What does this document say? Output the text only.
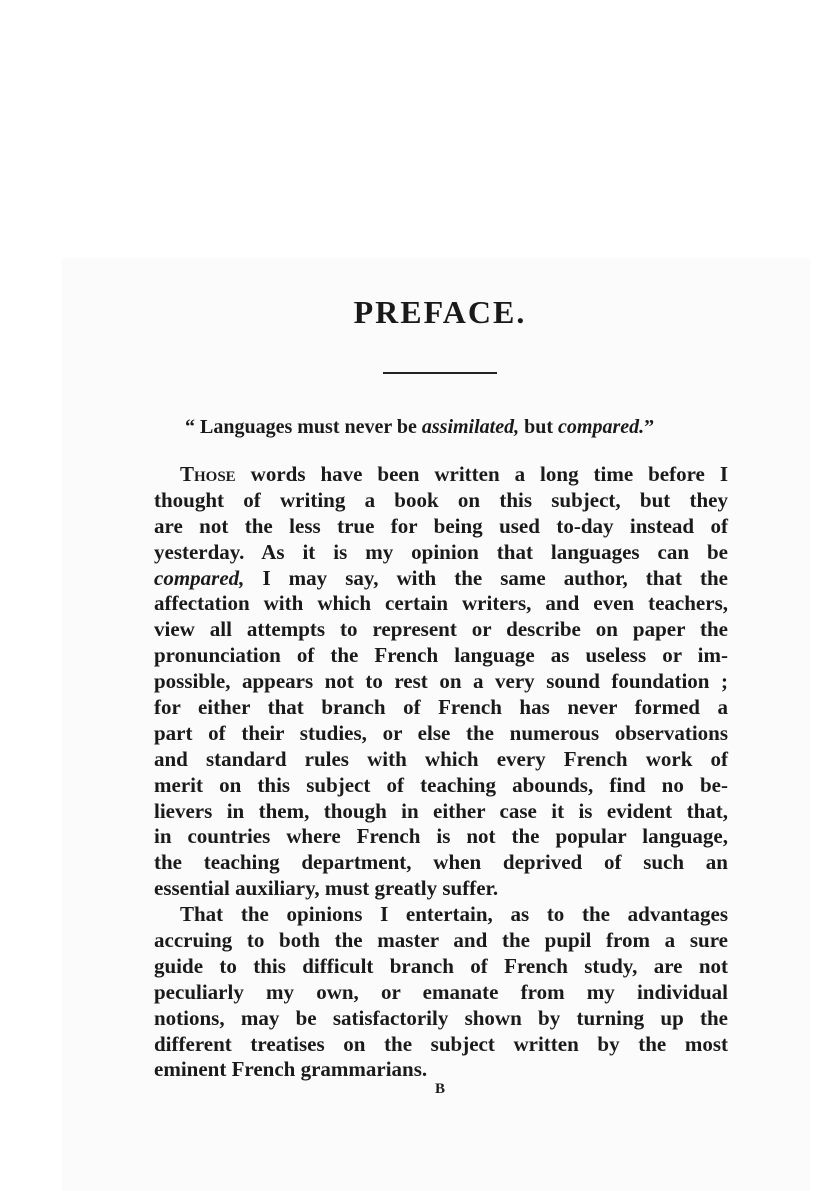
PREFACE.

“ Languages must never be assimilated, but compared.”

Those words have been written a long time before I
thought of writing a book on this subject, but they
are not the less true for being used to-day instead of
yesterday. As it is my opinion that languages can be
compared, I may say, with the same author, that the
affectation with which certain writers, and even teachers,
view all attempts to represent or describe on paper the
pronunciation of the French language as useless or im-
possible, appears not to rest on a very sound foundation ;
for either that branch of French has never formed a
part of their studies, or else the numerous observations
and standard rules with which every French work of
merit on this subject of teaching abounds, find no be-
lievers in them, though in either case it is evident that,
in countries where French is not the popular language,
the teaching department, when deprived of such an
essential auxiliary, must greatly suffer.
That the opinions I entertain, as to the advantages
accruing to both the master and the pupil from a sure
guide to this difficult branch of French study, are not
peculiarly my own, or emanate from my individual
notions, may be satisfactorily shown by turning up the
different treatises on the subject written by the most
eminent French grammarians.

B
